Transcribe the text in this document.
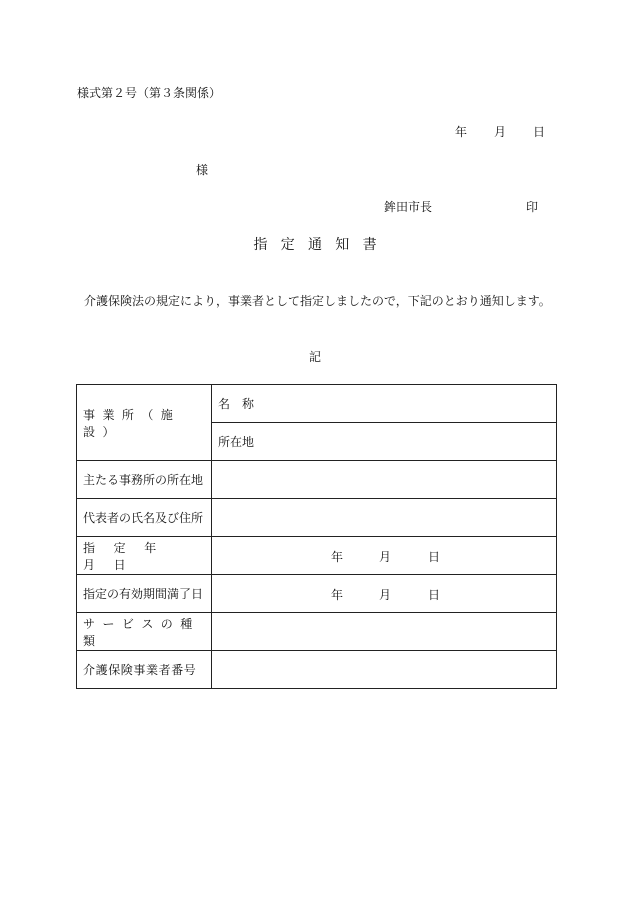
様式第２号（第３条関係）
年 月 日
様
鉾田市長	印
指定通知書
介護保険法の規定により，事業者として指定しましたので，下記のとおり通知します。
記
事業所（施設）	名　称
	所在地
主たる事務所の所在地	
代表者の氏名及び住所	
指定年月日	年 月 日

指定の有効期間満了日	年 月 日

サービスの種類	
介護保険事業者番号	
